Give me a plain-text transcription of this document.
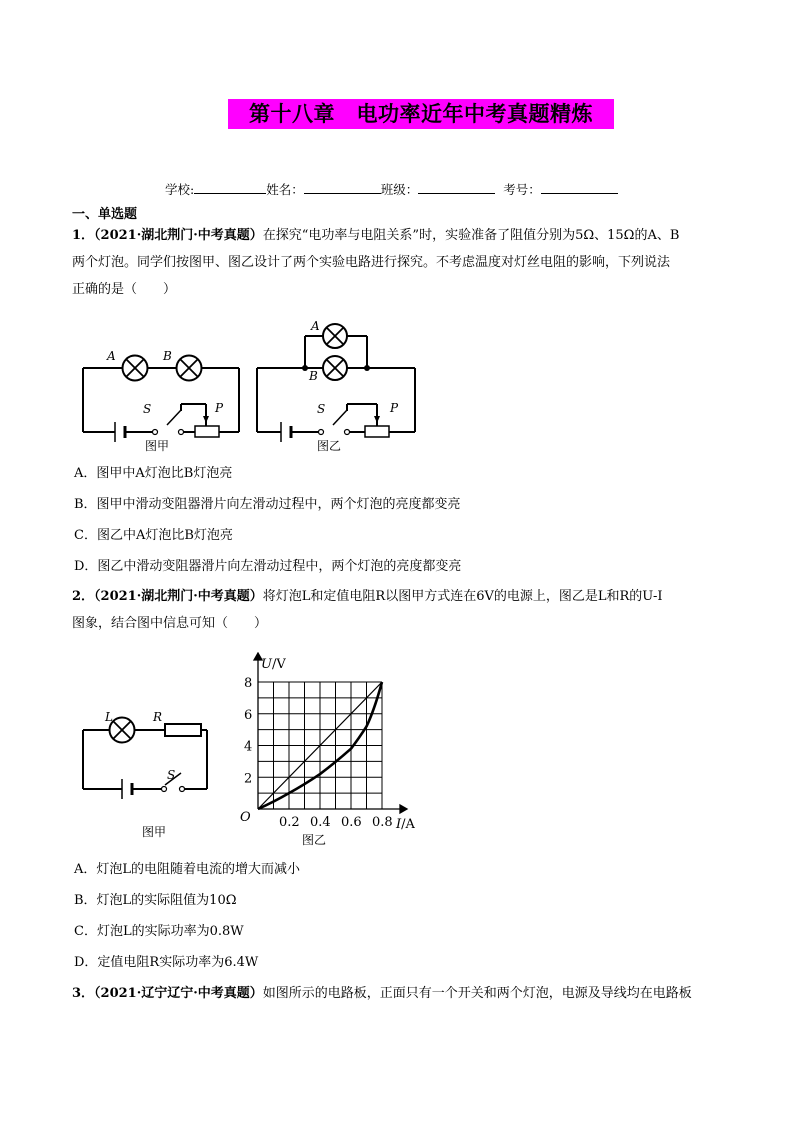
第十八章　电功率近年中考真题精炼
学校:	姓名：	班级：	考号：
一、单选题
1．（2021·湖北荆门·中考真题）在探究“电功率与电阻关系”时，实验准备了阻值分别为5Ω、15Ω的A、B
两个灯泡。同学们按图甲、图乙设计了两个实验电路进行探究。不考虑温度对灯丝电阻的影响，下列说法
正确的是（　　）
A	B
S	P
A
B
S	P
图甲	图乙
A．图甲中A灯泡比B灯泡亮
B．图甲中滑动变阻器滑片向左滑动过程中，两个灯泡的亮度都变亮
C．图乙中A灯泡比B灯泡亮
D．图乙中滑动变阻器滑片向左滑动过程中，两个灯泡的亮度都变亮
2．（2021·湖北荆门·中考真题）将灯泡L和定值电阻R以图甲方式连在6V的电源上，图乙是L和R的U-I
图象，结合图中信息可知（　　）
L	R
S
图甲
2
4
6
8
0.2 0.4 0.6 0.8
O
U/V
I/A
图乙
A．灯泡L的电阻随着电流的增大而减小
B．灯泡L的实际阻值为10Ω
C．灯泡L的实际功率为0.8W
D．定值电阻R实际功率为6.4W
3．（2021·辽宁辽宁·中考真题）如图所示的电路板，正面只有一个开关和两个灯泡，电源及导线均在电路板
